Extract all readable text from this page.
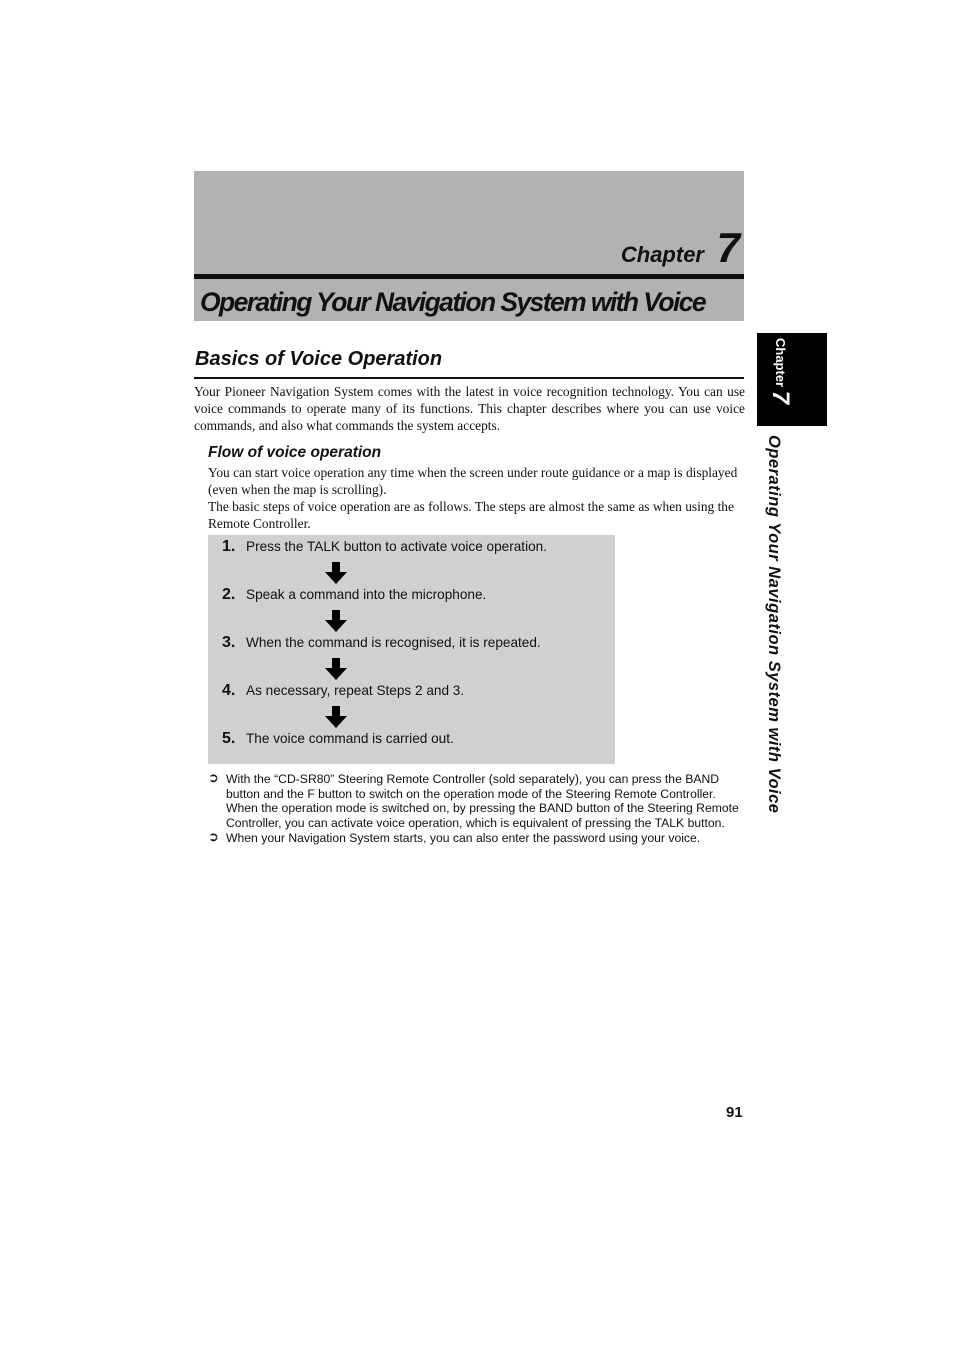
Chapter 7
Operating Your Navigation System with Voice
Basics of Voice Operation
Your Pioneer Navigation System comes with the latest in voice recognition technology. You can use voice commands to operate many of its functions. This chapter describes where you can use voice commands, and also what commands the system accepts.
Flow of voice operation

You can start voice operation any time when the screen under route guidance or a map is displayed (even when the map is scrolling).

The basic steps of voice operation are as follows. The steps are almost the same as when using the Remote Controller.

1. Press the TALK button to activate voice operation.
2. Speak a command into the microphone.
3. When the command is recognised, it is repeated.
4. As necessary, repeat Steps 2 and 3.
5. The voice command is carried out.
➲ With the “CD-SR80” Steering Remote Controller (sold separately), you can press the BAND button and the F button to switch on the operation mode of the Steering Remote Controller. When the operation mode is switched on, by pressing the BAND button of the Steering Remote Controller, you can activate voice operation, which is equivalent of pressing the TALK button.
➲ When your Navigation System starts, you can also enter the password using your voice.
Chapter 7
Operating Your Navigation System with Voice
91
